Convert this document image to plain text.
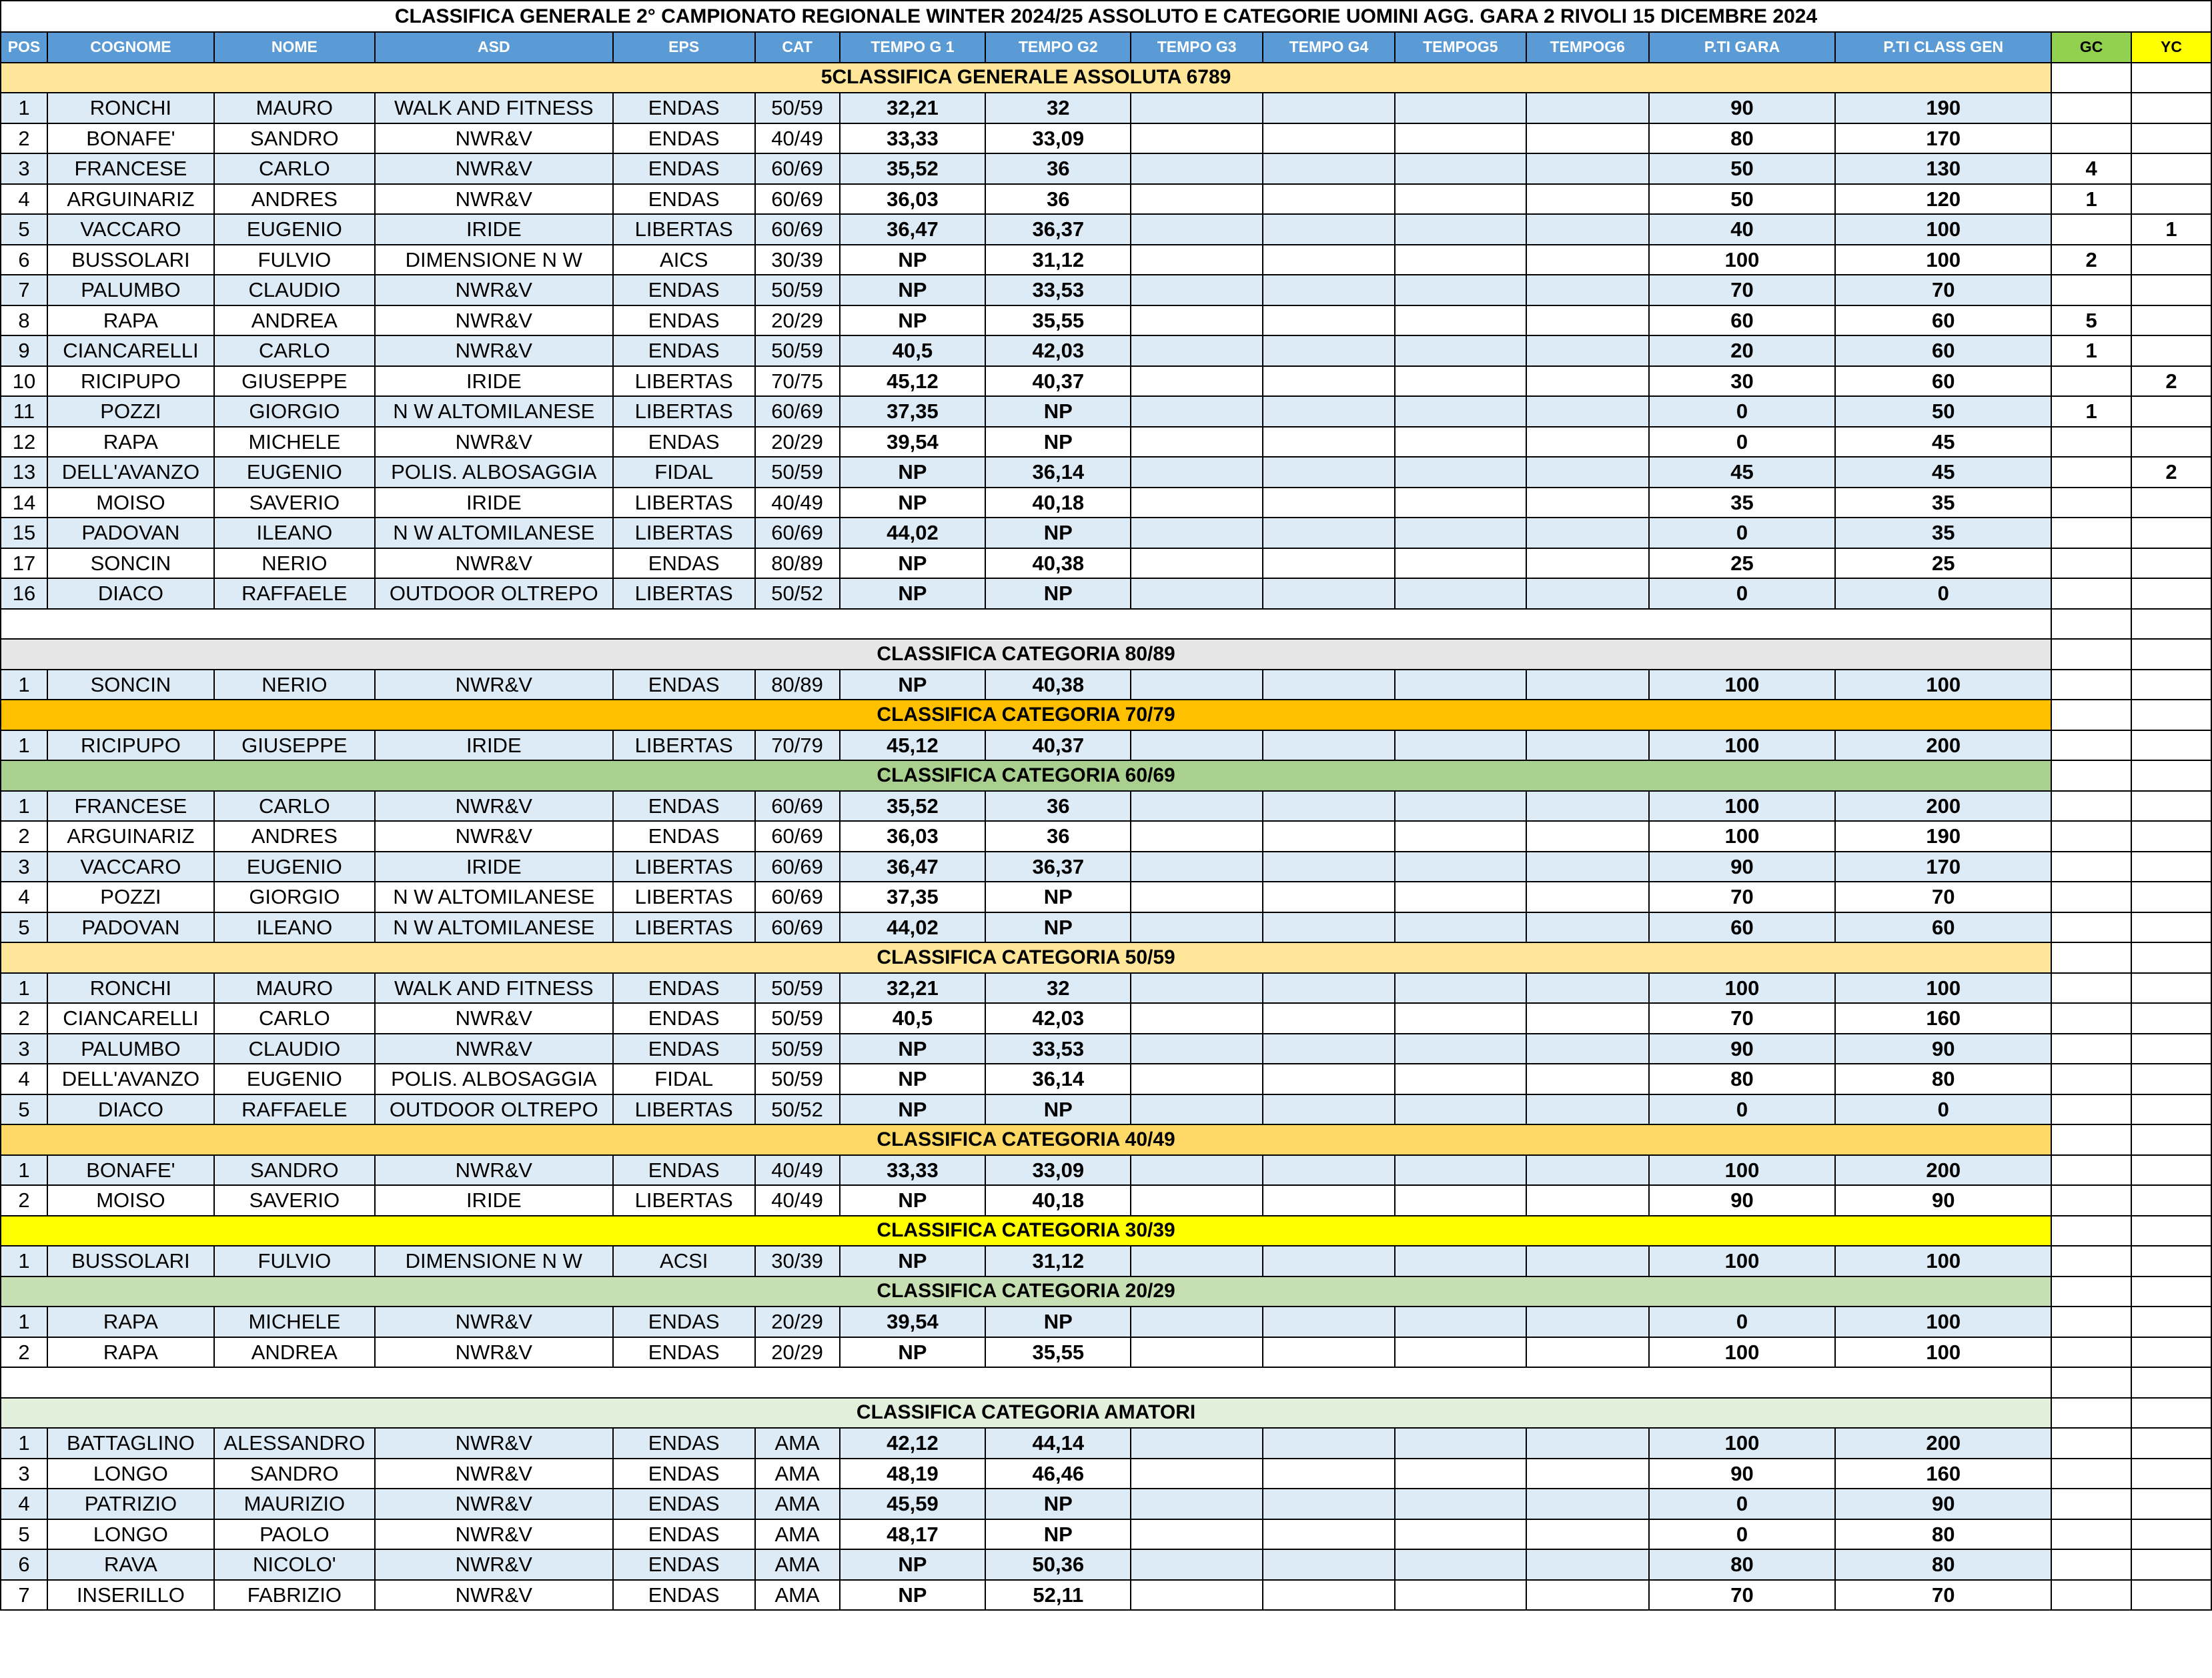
CLASSIFICA GENERALE 2° CAMPIONATO REGIONALE WINTER 2024/25 ASSOLUTO E CATEGORIE UOMINI AGG. GARA 2 RIVOLI 15 DICEMBRE 2024															
POS	COGNOME	NOME	ASD	EPS	CAT	TEMPO G 1	TEMPO G2	TEMPO G3	TEMPO G4	TEMPOG5	TEMPOG6	P.TI GARA	P.TI CLASS GEN	GC	YC
5CLASSIFICA GENERALE ASSOLUTA 6789															
1	RONCHI	MAURO	WALK AND FITNESS	ENDAS	50/59	32,21	32					90	190		
2	BONAFE'	SANDRO	NWR&V	ENDAS	40/49	33,33	33,09					80	170		
3	FRANCESE	CARLO	NWR&V	ENDAS	60/69	35,52	36					50	130	4	
4	ARGUINARIZ	ANDRES	NWR&V	ENDAS	60/69	36,03	36					50	120	1	
5	VACCARO	EUGENIO	IRIDE	LIBERTAS	60/69	36,47	36,37					40	100		1
6	BUSSOLARI	FULVIO	DIMENSIONE N W	AICS	30/39	NP	31,12					100	100	2	
7	PALUMBO	CLAUDIO	NWR&V	ENDAS	50/59	NP	33,53					70	70		
8	RAPA	ANDREA	NWR&V	ENDAS	20/29	NP	35,55					60	60	5	
9	CIANCARELLI	CARLO	NWR&V	ENDAS	50/59	40,5	42,03					20	60	1	
10	RICIPUPO	GIUSEPPE	IRIDE	LIBERTAS	70/75	45,12	40,37					30	60		2
11	POZZI	GIORGIO	N W ALTOMILANESE	LIBERTAS	60/69	37,35	NP					0	50	1	
12	RAPA	MICHELE	NWR&V	ENDAS	20/29	39,54	NP					0	45		
13	DELL'AVANZO	EUGENIO	POLIS. ALBOSAGGIA	FIDAL	50/59	NP	36,14					45	45		2
14	MOISO	SAVERIO	IRIDE	LIBERTAS	40/49	NP	40,18					35	35		
15	PADOVAN	ILEANO	N W ALTOMILANESE	LIBERTAS	60/69	44,02	NP					0	35		
17	SONCIN	NERIO	NWR&V	ENDAS	80/89	NP	40,38					25	25		
16	DIACO	RAFFAELE	OUTDOOR OLTREPO	LIBERTAS	50/52	NP	NP					0	0		

CLASSIFICA CATEGORIA 80/89															
1	SONCIN	NERIO	NWR&V	ENDAS	80/89	NP	40,38					100	100		
CLASSIFICA CATEGORIA 70/79															
1	RICIPUPO	GIUSEPPE	IRIDE	LIBERTAS	70/79	45,12	40,37					100	200		
CLASSIFICA CATEGORIA 60/69															
1	FRANCESE	CARLO	NWR&V	ENDAS	60/69	35,52	36					100	200		
2	ARGUINARIZ	ANDRES	NWR&V	ENDAS	60/69	36,03	36					100	190		
3	VACCARO	EUGENIO	IRIDE	LIBERTAS	60/69	36,47	36,37					90	170		
4	POZZI	GIORGIO	N W ALTOMILANESE	LIBERTAS	60/69	37,35	NP					70	70		
5	PADOVAN	ILEANO	N W ALTOMILANESE	LIBERTAS	60/69	44,02	NP					60	60		
CLASSIFICA CATEGORIA 50/59															
1	RONCHI	MAURO	WALK AND FITNESS	ENDAS	50/59	32,21	32					100	100		
2	CIANCARELLI	CARLO	NWR&V	ENDAS	50/59	40,5	42,03					70	160		
3	PALUMBO	CLAUDIO	NWR&V	ENDAS	50/59	NP	33,53					90	90		
4	DELL'AVANZO	EUGENIO	POLIS. ALBOSAGGIA	FIDAL	50/59	NP	36,14					80	80		
5	DIACO	RAFFAELE	OUTDOOR OLTREPO	LIBERTAS	50/52	NP	NP					0	0		
CLASSIFICA CATEGORIA 40/49															
1	BONAFE'	SANDRO	NWR&V	ENDAS	40/49	33,33	33,09					100	200		
2	MOISO	SAVERIO	IRIDE	LIBERTAS	40/49	NP	40,18					90	90		
CLASSIFICA CATEGORIA 30/39															
1	BUSSOLARI	FULVIO	DIMENSIONE N W	ACSI	30/39	NP	31,12					100	100		
CLASSIFICA CATEGORIA 20/29															
1	RAPA	MICHELE	NWR&V	ENDAS	20/29	39,54	NP					0	100		
2	RAPA	ANDREA	NWR&V	ENDAS	20/29	NP	35,55					100	100		

CLASSIFICA CATEGORIA AMATORI															
1	BATTAGLINO	ALESSANDRO	NWR&V	ENDAS	AMA	42,12	44,14					100	200		
3	LONGO	SANDRO	NWR&V	ENDAS	AMA	48,19	46,46					90	160		
4	PATRIZIO	MAURIZIO	NWR&V	ENDAS	AMA	45,59	NP					0	90		
5	LONGO	PAOLO	NWR&V	ENDAS	AMA	48,17	NP					0	80		
6	RAVA	NICOLO'	NWR&V	ENDAS	AMA	NP	50,36					80	80		
7	INSERILLO	FABRIZIO	NWR&V	ENDAS	AMA	NP	52,11					70	70		
